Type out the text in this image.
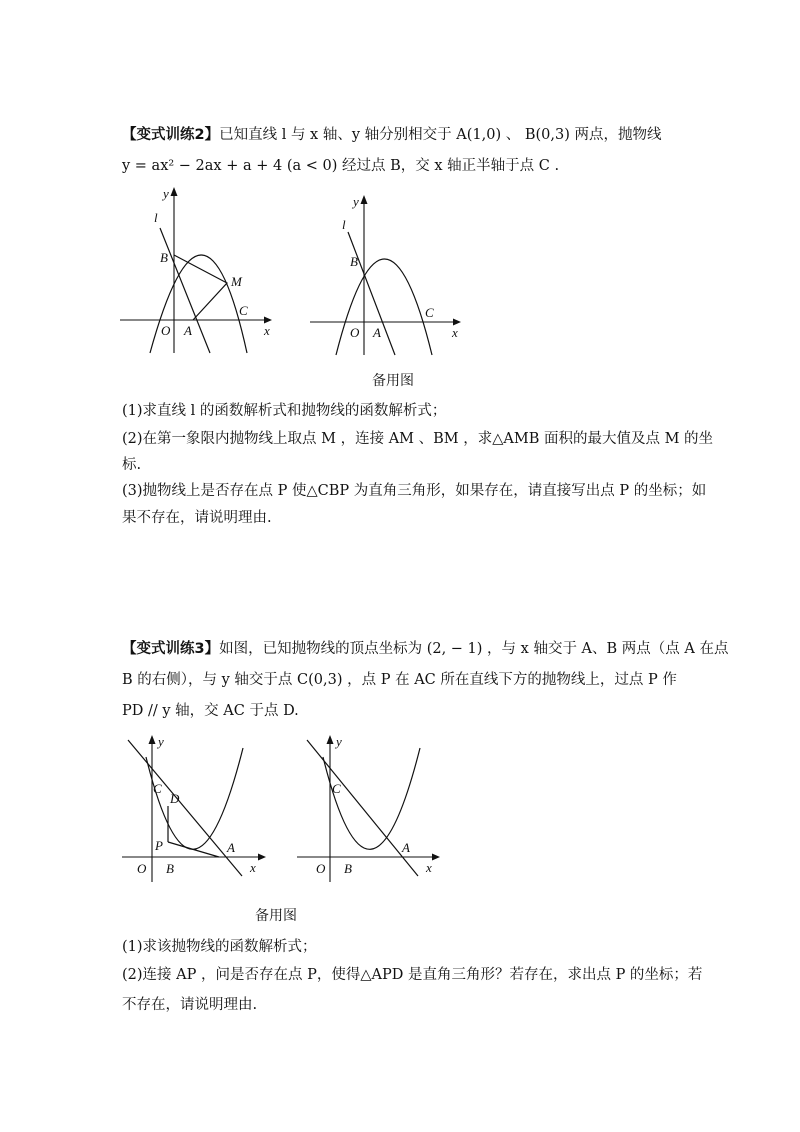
【变式训练2】已知直线 l 与 x 轴、y 轴分别相交于 A(1,0) 、 B(0,3) 两点，抛物线
y = ax² − 2ax + a + 4 (a < 0) 经过点 B，交 x 轴正半轴于点 C .
y
l
B
M
C
O A	x
y
l
B
C
O A	x
备用图
(1)求直线 l 的函数解析式和抛物线的函数解析式；
(2)在第一象限内抛物线上取点 M ，连接 AM 、BM ，求△AMB 面积的最大值及点 M 的坐
标.
(3)抛物线上是否存在点 P 使△CBP 为直角三角形，如果存在，请直接写出点 P 的坐标；如
果不存在，请说明理由.
【变式训练3】如图，已知抛物线的顶点坐标为 (2, − 1) ，与 x 轴交于 A、B 两点（点 A 在点
B 的右侧），与 y 轴交于点 C(0,3) ，点 P 在 AC 所在直线下方的抛物线上，过点 P 作
PD // y 轴，交 AC 于点 D.
y
C
D
P
O B
A
x
y
C
O B
A
x
备用图
(1)求该抛物线的函数解析式；
(2)连接 AP ，问是否存在点 P，使得△APD 是直角三角形？若存在，求出点 P 的坐标；若
不存在，请说明理由.
